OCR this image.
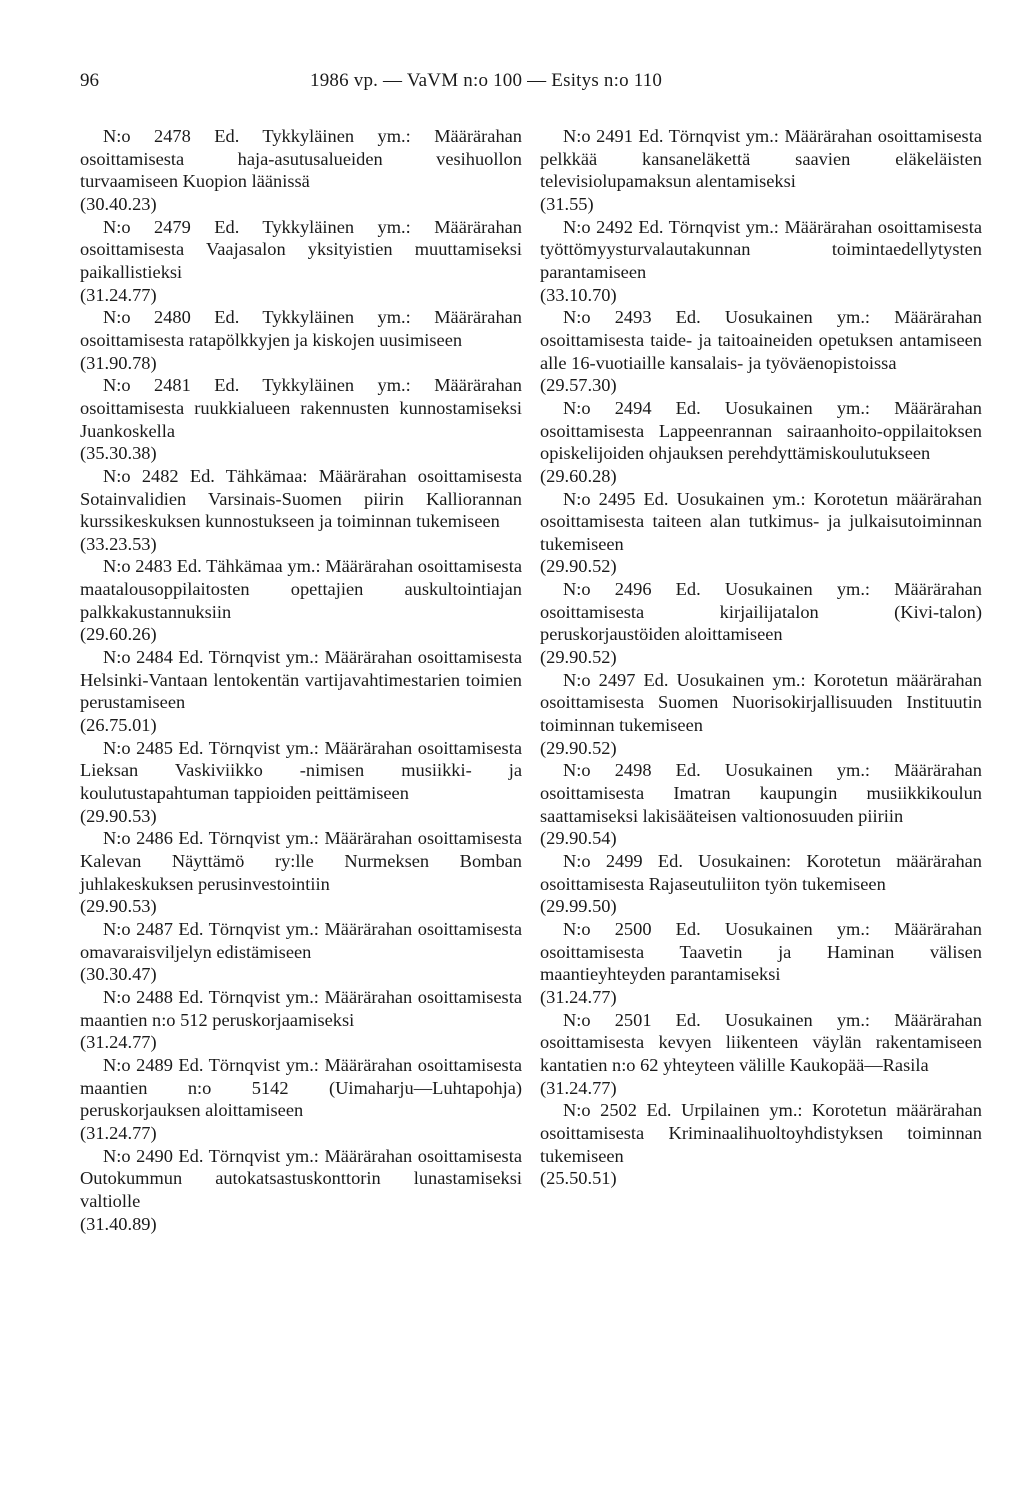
96	1986 vp. — VaVM n:o 100 — Esitys n:o 110
N:o 2478 Ed. Tykkyläinen ym.: Määrärahan osoittamisesta haja-asutusalueiden vesihuollon turvaamiseen Kuopion läänissä
(30.40.23)
N:o 2479 Ed. Tykkyläinen ym.: Määrärahan osoittamisesta Vaajasalon yksityistien muuttamiseksi paikallistieksi
(31.24.77)
N:o 2480 Ed. Tykkyläinen ym.: Määrärahan osoittamisesta ratapölkkyjen ja kiskojen uusimiseen
(31.90.78)
N:o 2481 Ed. Tykkyläinen ym.: Määrärahan osoittamisesta ruukkialueen rakennusten kunnostamiseksi Juankoskella
(35.30.38)
N:o 2482 Ed. Tähkämaa: Määrärahan osoittamisesta Sotainvalidien Varsinais-Suomen piirin Kalliorannan kurssikeskuksen kunnostukseen ja toiminnan tukemiseen
(33.23.53)
N:o 2483 Ed. Tähkämaa ym.: Määrärahan osoittamisesta maatalousoppilaitosten opettajien auskultointiajan palkkakustannuksiin
(29.60.26)
N:o 2484 Ed. Törnqvist ym.: Määrärahan osoittamisesta Helsinki-Vantaan lentokentän vartijavahtimestarien toimien perustamiseen
(26.75.01)
N:o 2485 Ed. Törnqvist ym.: Määrärahan osoittamisesta Lieksan Vaskiviikko -nimisen musiikki- ja koulutustapahtuman tappioiden peittämiseen
(29.90.53)
N:o 2486 Ed. Törnqvist ym.: Määrärahan osoittamisesta Kalevan Näyttämö ry:lle Nurmeksen Bomban juhlakeskuksen perusinvestointiin
(29.90.53)
N:o 2487 Ed. Törnqvist ym.: Määrärahan osoittamisesta omavaraisviljelyn edistämiseen
(30.30.47)
N:o 2488 Ed. Törnqvist ym.: Määrärahan osoittamisesta maantien n:o 512 peruskorjaamiseksi
(31.24.77)
N:o 2489 Ed. Törnqvist ym.: Määrärahan osoittamisesta maantien n:o 5142 (Uimaharju—Luhtapohja) peruskorjauksen aloittamiseen
(31.24.77)
N:o 2490 Ed. Törnqvist ym.: Määrärahan osoittamisesta Outokummun autokatsastuskonttorin lunastamiseksi valtiolle
(31.40.89)
N:o 2491 Ed. Törnqvist ym.: Määrärahan osoittamisesta pelkkää kansaneläkettä saavien eläkeläisten televisiolupamaksun alentamiseksi
(31.55)
N:o 2492 Ed. Törnqvist ym.: Määrärahan osoittamisesta työttömyysturvalautakunnan toimintaedellytysten parantamiseen
(33.10.70)
N:o 2493 Ed. Uosukainen ym.: Määrärahan osoittamisesta taide- ja taitoaineiden opetuksen antamiseen alle 16-vuotiaille kansalais- ja työväenopistoissa
(29.57.30)
N:o 2494 Ed. Uosukainen ym.: Määrärahan osoittamisesta Lappeenrannan sairaanhoito-oppilaitoksen opiskelijoiden ohjauksen perehdyttämiskoulutukseen
(29.60.28)
N:o 2495 Ed. Uosukainen ym.: Korotetun määrärahan osoittamisesta taiteen alan tutkimus- ja julkaisutoiminnan tukemiseen
(29.90.52)
N:o 2496 Ed. Uosukainen ym.: Määrärahan osoittamisesta kirjailijatalon (Kivi-talon) peruskorjaustöiden aloittamiseen
(29.90.52)
N:o 2497 Ed. Uosukainen ym.: Korotetun määrärahan osoittamisesta Suomen Nuorisokirjallisuuden Instituutin toiminnan tukemiseen
(29.90.52)
N:o 2498 Ed. Uosukainen ym.: Määrärahan osoittamisesta Imatran kaupungin musiikkikoulun saattamiseksi lakisääteisen valtionosuuden piiriin
(29.90.54)
N:o 2499 Ed. Uosukainen: Korotetun määrärahan osoittamisesta Rajaseutuliiton työn tukemiseen
(29.99.50)
N:o 2500 Ed. Uosukainen ym.: Määrärahan osoittamisesta Taavetin ja Haminan välisen maantieyhteyden parantamiseksi
(31.24.77)
N:o 2501 Ed. Uosukainen ym.: Määrärahan osoittamisesta kevyen liikenteen väylän rakentamiseen kantatien n:o 62 yhteyteen välille Kaukopää—Rasila
(31.24.77)
N:o 2502 Ed. Urpilainen ym.: Korotetun määrärahan osoittamisesta Kriminaalihuoltoyhdistyksen toiminnan tukemiseen
(25.50.51)
